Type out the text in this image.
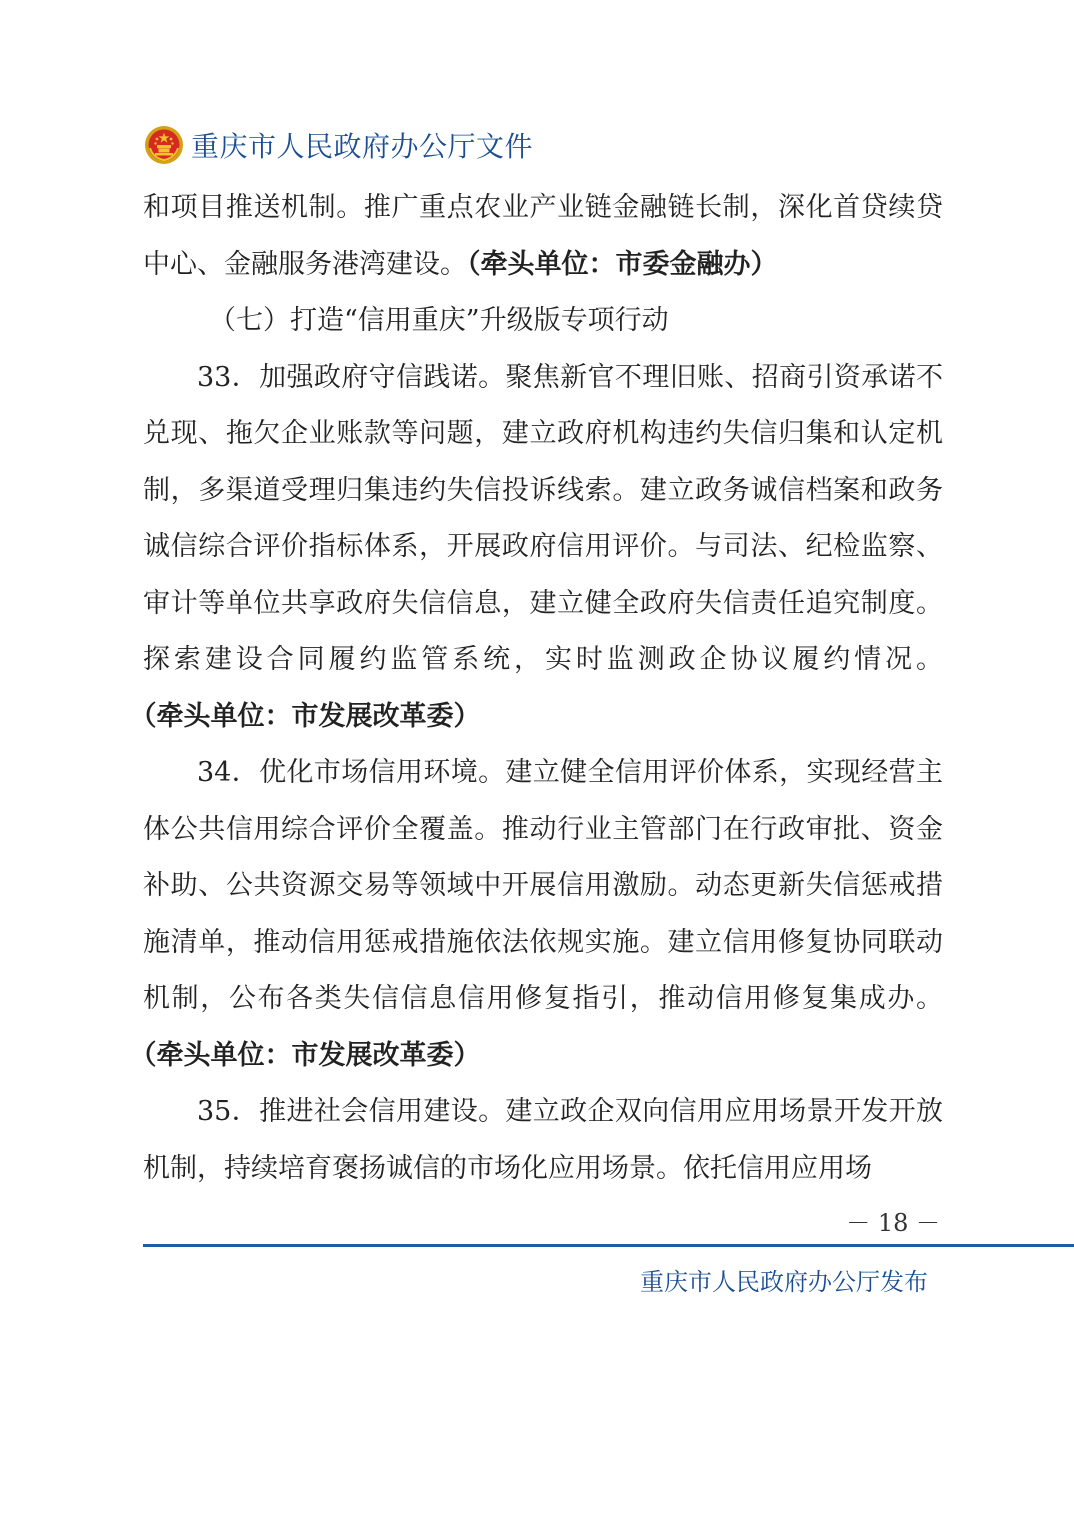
重庆市人民政府办公厅文件

和项目推送机制。推广重点农业产业链金融链长制，深化首贷续贷中心、金融服务港湾建设。（牵头单位：市委金融办）

（七）打造“信用重庆”升级版专项行动

33．加强政府守信践诺。聚焦新官不理旧账、招商引资承诺不兑现、拖欠企业账款等问题，建立政府机构违约失信归集和认定机制，多渠道受理归集违约失信投诉线索。建立政务诚信档案和政务诚信综合评价指标体系，开展政府信用评价。与司法、纪检监察、审计等单位共享政府失信信息，建立健全政府失信责任追究制度。探索建设合同履约监管系统，实时监测政企协议履约情况。（牵头单位：市发展改革委）

34．优化市场信用环境。建立健全信用评价体系，实现经营主体公共信用综合评价全覆盖。推动行业主管部门在行政审批、资金补助、公共资源交易等领域中开展信用激励。动态更新失信惩戒措施清单，推动信用惩戒措施依法依规实施。建立信用修复协同联动机制，公布各类失信信息信用修复指引，推动信用修复集成办。（牵头单位：市发展改革委）

35．推进社会信用建设。建立政企双向信用应用场景开发开放机制，持续培育褒扬诚信的市场化应用场景。依托信用应用场

－ 18 －
重庆市人民政府办公厅发布
